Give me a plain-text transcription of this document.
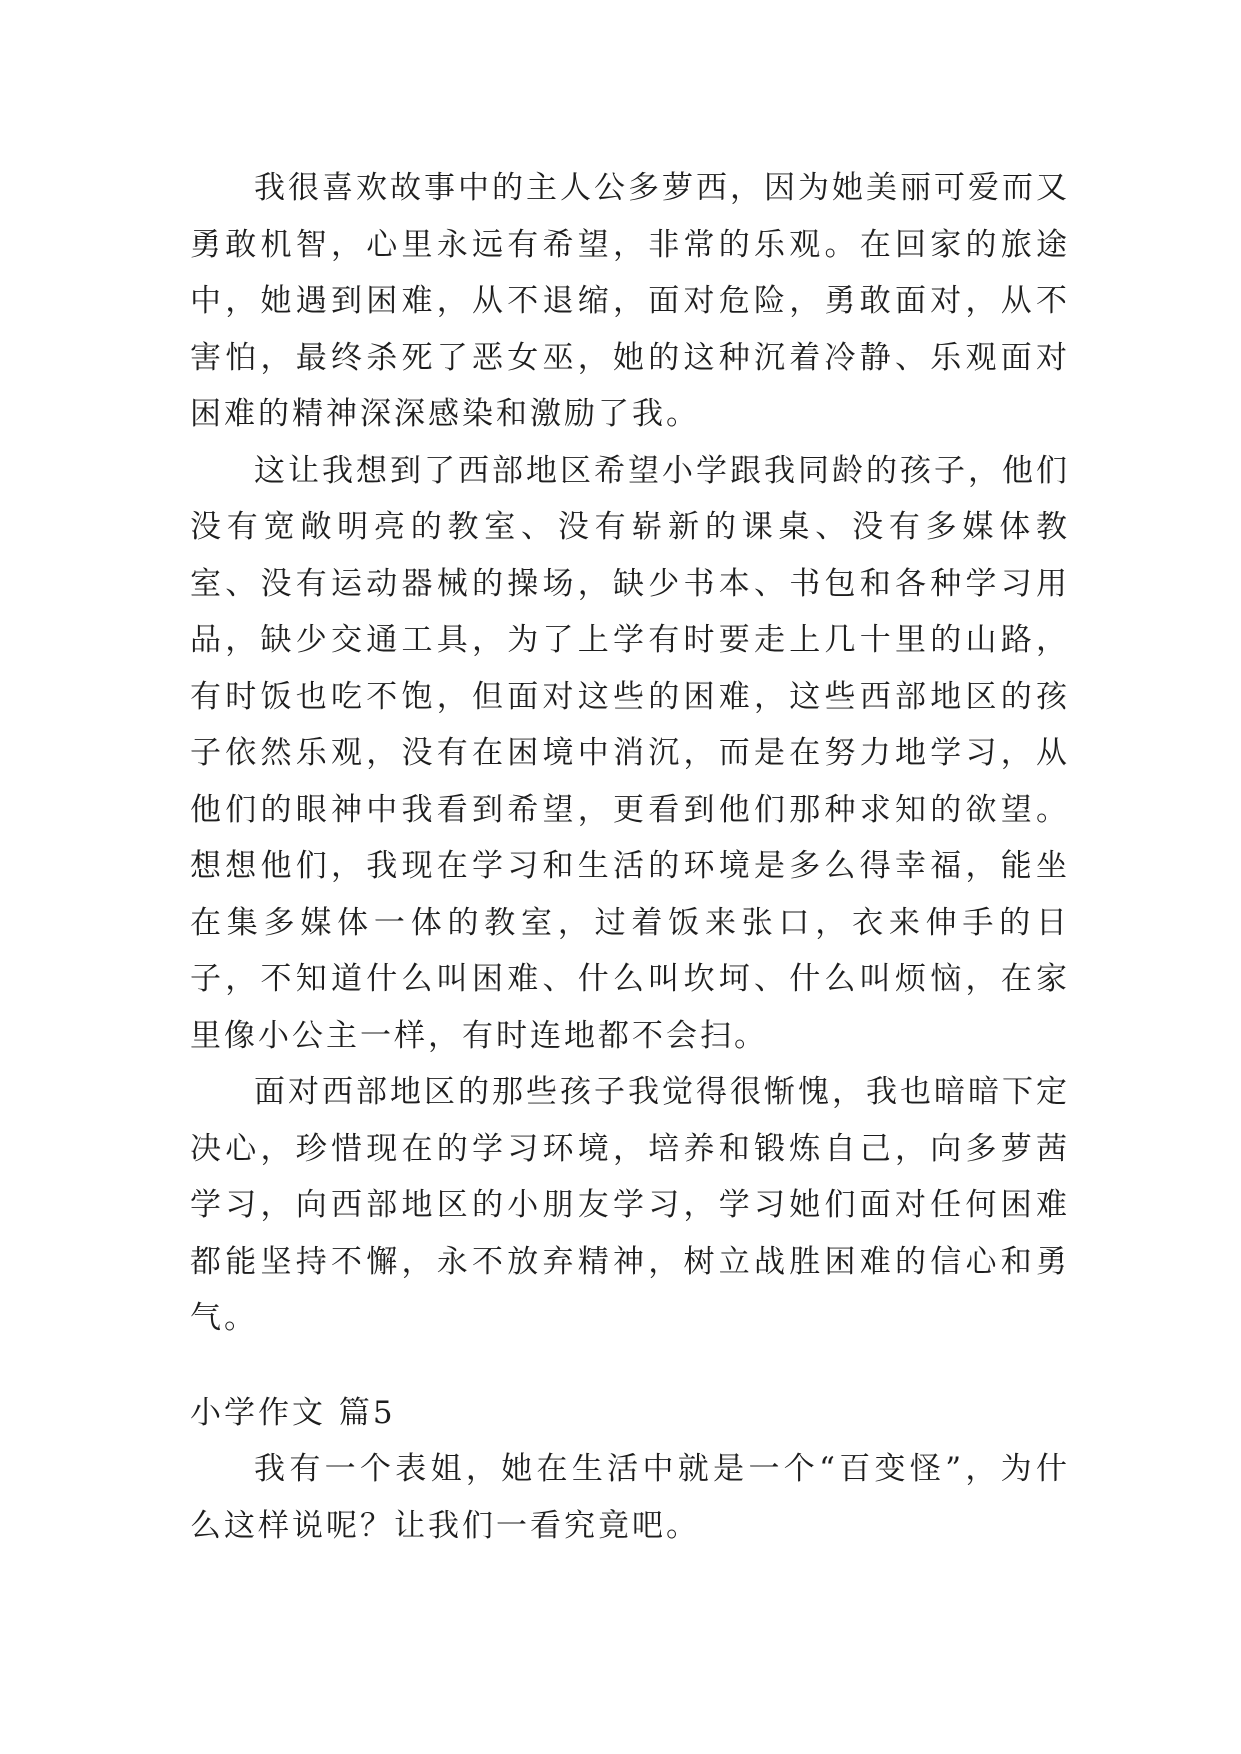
我很喜欢故事中的主人公多萝西，因为她美丽可爱而又勇敢机智，心里永远有希望，非常的乐观。在回家的旅途中，她遇到困难，从不退缩，面对危险，勇敢面对，从不害怕，最终杀死了恶女巫，她的这种沉着冷静、乐观面对困难的精神深深感染和激励了我。

这让我想到了西部地区希望小学跟我同龄的孩子，他们没有宽敞明亮的教室、没有崭新的课桌、没有多媒体教室、没有运动器械的操场，缺少书本、书包和各种学习用品，缺少交通工具，为了上学有时要走上几十里的山路，有时饭也吃不饱，但面对这些的困难，这些西部地区的孩子依然乐观，没有在困境中消沉，而是在努力地学习，从他们的眼神中我看到希望，更看到他们那种求知的欲望。想想他们，我现在学习和生活的环境是多么得幸福，能坐在集多媒体一体的教室，过着饭来张口，衣来伸手的日子，不知道什么叫困难、什么叫坎坷、什么叫烦恼，在家里像小公主一样，有时连地都不会扫。

面对西部地区的那些孩子我觉得很惭愧，我也暗暗下定决心，珍惜现在的学习环境，培养和锻炼自己，向多萝茜学习，向西部地区的小朋友学习，学习她们面对任何困难都能坚持不懈，永不放弃精神，树立战胜困难的信心和勇气。

小学作文 篇5

我有一个表姐，她在生活中就是一个“百变怪”，为什么这样说呢？让我们一看究竟吧。
